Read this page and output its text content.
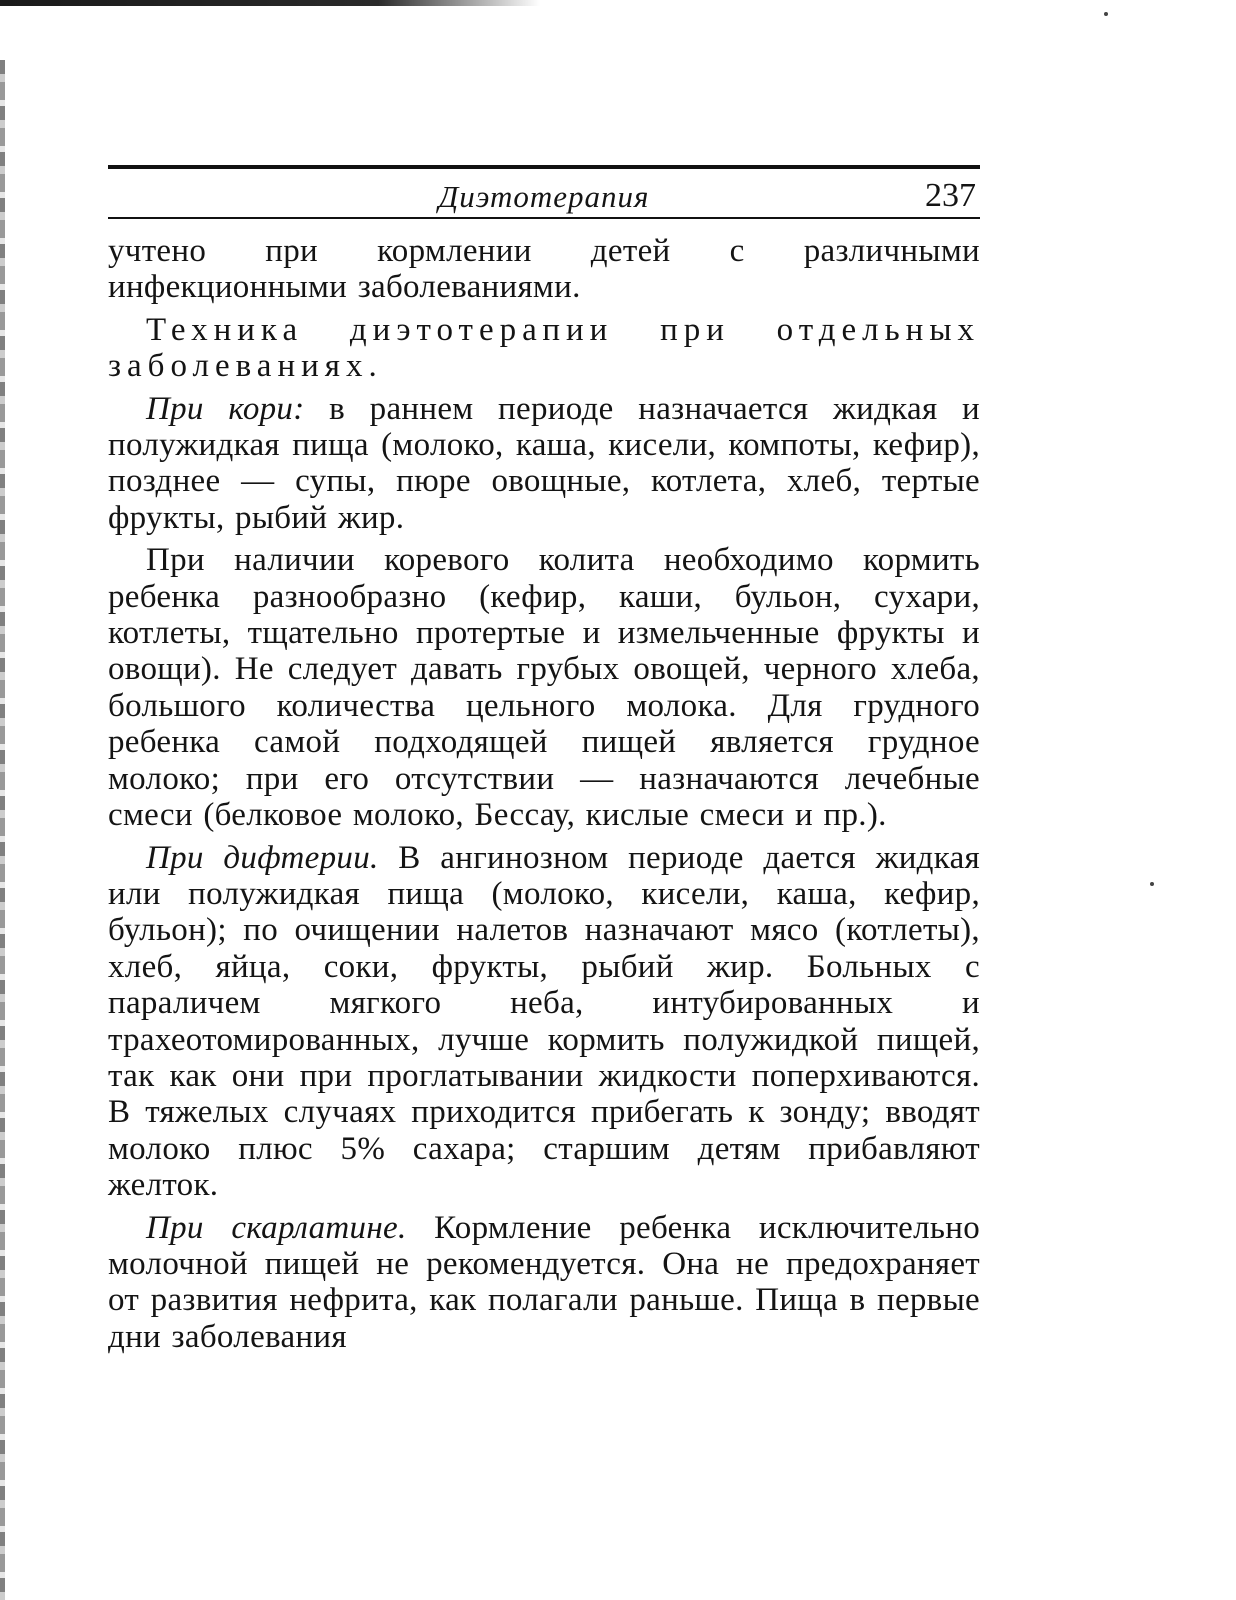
Диэтотерапия	237

учтено при кормлении детей с различными инфекционными заболеваниями.

Техника диэтотерапии при отдельных заболеваниях.

При кори: в раннем периоде назначается жидкая и полужидкая пища (молоко, каша, кисели, компоты, кефир), позднее — супы, пюре овощные, котлета, хлеб, тертые фрукты, рыбий жир.

При наличии коревого колита необходимо кормить ребенка разнообразно (кефир, каши, бульон, сухари, котлеты, тщательно протертые и измельченные фрукты и овощи). Не следует давать грубых овощей, черного хлеба, большого количества цельного молока. Для грудного ребенка самой подходящей пищей является грудное молоко; при его отсутствии — назначаются лечебные смеси (белковое молоко, Бессау, кислые смеси и пр.).

При дифтерии. В ангинозном периоде дается жидкая или полужидкая пища (молоко, кисели, каша, кефир, бульон); по очищении налетов назначают мясо (котлеты), хлеб, яйца, соки, фрукты, рыбий жир. Больных с параличем мягкого неба, интубированных и трахеотомированных, лучше кормить полужидкой пищей, так как они при проглатывании жидкости поперхиваются. В тяжелых случаях приходится прибегать к зонду; вводят молоко плюс 5% сахара; старшим детям прибавляют желток.

При скарлатине. Кормление ребенка исключительно молочной пищей не рекомендуется. Она не предохраняет от развития нефрита, как полагали раньше. Пища в первые дни заболевания
